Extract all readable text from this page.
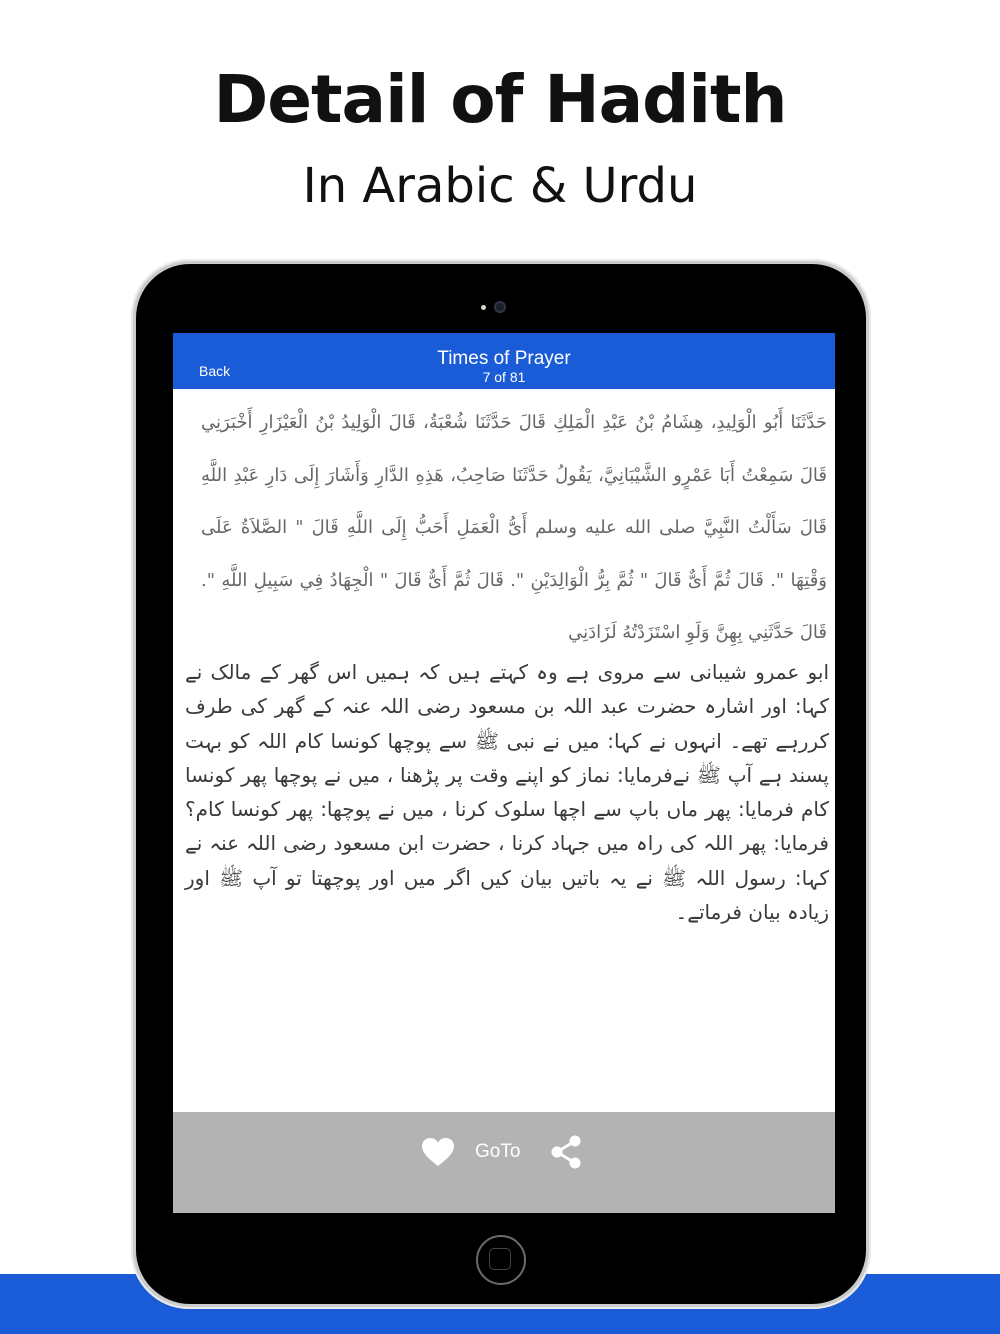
Detail of Hadith
In Arabic & Urdu
Back
Times of Prayer
7 of 81
حَدَّثَنَا أَبُو الْوَلِيدِ، هِشَامُ بْنُ عَبْدِ الْمَلِكِ قَالَ حَدَّثَنَا شُعْبَةُ، قَالَ الْوَلِيدُ بْنُ الْعَيْزَارِ أَخْبَرَنِي قَالَ سَمِعْتُ أَبَا عَمْرٍو الشَّيْبَانِيَّ، يَقُولُ حَدَّثَنَا صَاحِبُ، هَذِهِ الدَّارِ وَأَشَارَ إِلَى دَارِ عَبْدِ اللَّهِ قَالَ سَأَلْتُ النَّبِيَّ صلى الله عليه وسلم أَىُّ الْعَمَلِ أَحَبُّ إِلَى اللَّهِ قَالَ " الصَّلاَةُ عَلَى وَقْتِهَا ". قَالَ ثُمَّ أَىٌّ قَالَ " ثُمَّ بِرُّ الْوَالِدَيْنِ ". قَالَ ثُمَّ أَىٌّ قَالَ " الْجِهَادُ فِي سَبِيلِ اللَّهِ ". قَالَ حَدَّثَنِي بِهِنَّ وَلَوِ اسْتَزَدْتُهُ لَزَادَنِي
ابو عمرو شیبانی سے مروی ہے وہ کہتے ہیں کہ ہمیں اس گھر کے مالک نے کہا: اور اشارہ حضرت عبد اللہ بن مسعود رضی اللہ عنہ کے گھر کی طرف کررہے تھے۔ انہوں نے کہا: میں نے نبی ﷺ سے پوچھا کونسا کام اللہ کو بہت پسند ہے آپ ﷺ نےفرمایا: نماز کو اپنے وقت پر پڑھنا ، میں نے پوچھا پھر کونسا کام فرمایا: پھر ماں باپ سے اچھا سلوک کرنا ، میں نے پوچھا: پھر کونسا کام؟ فرمایا: پھر اللہ کی راہ میں جہاد کرنا ، حضرت ابن مسعود رضی اللہ عنہ نے کہا: رسول اللہ ﷺ نے یہ باتیں بیان کیں اگر میں اور پوچھتا تو آپ ﷺ اور زیادہ بیان فرماتے۔
GoTo
